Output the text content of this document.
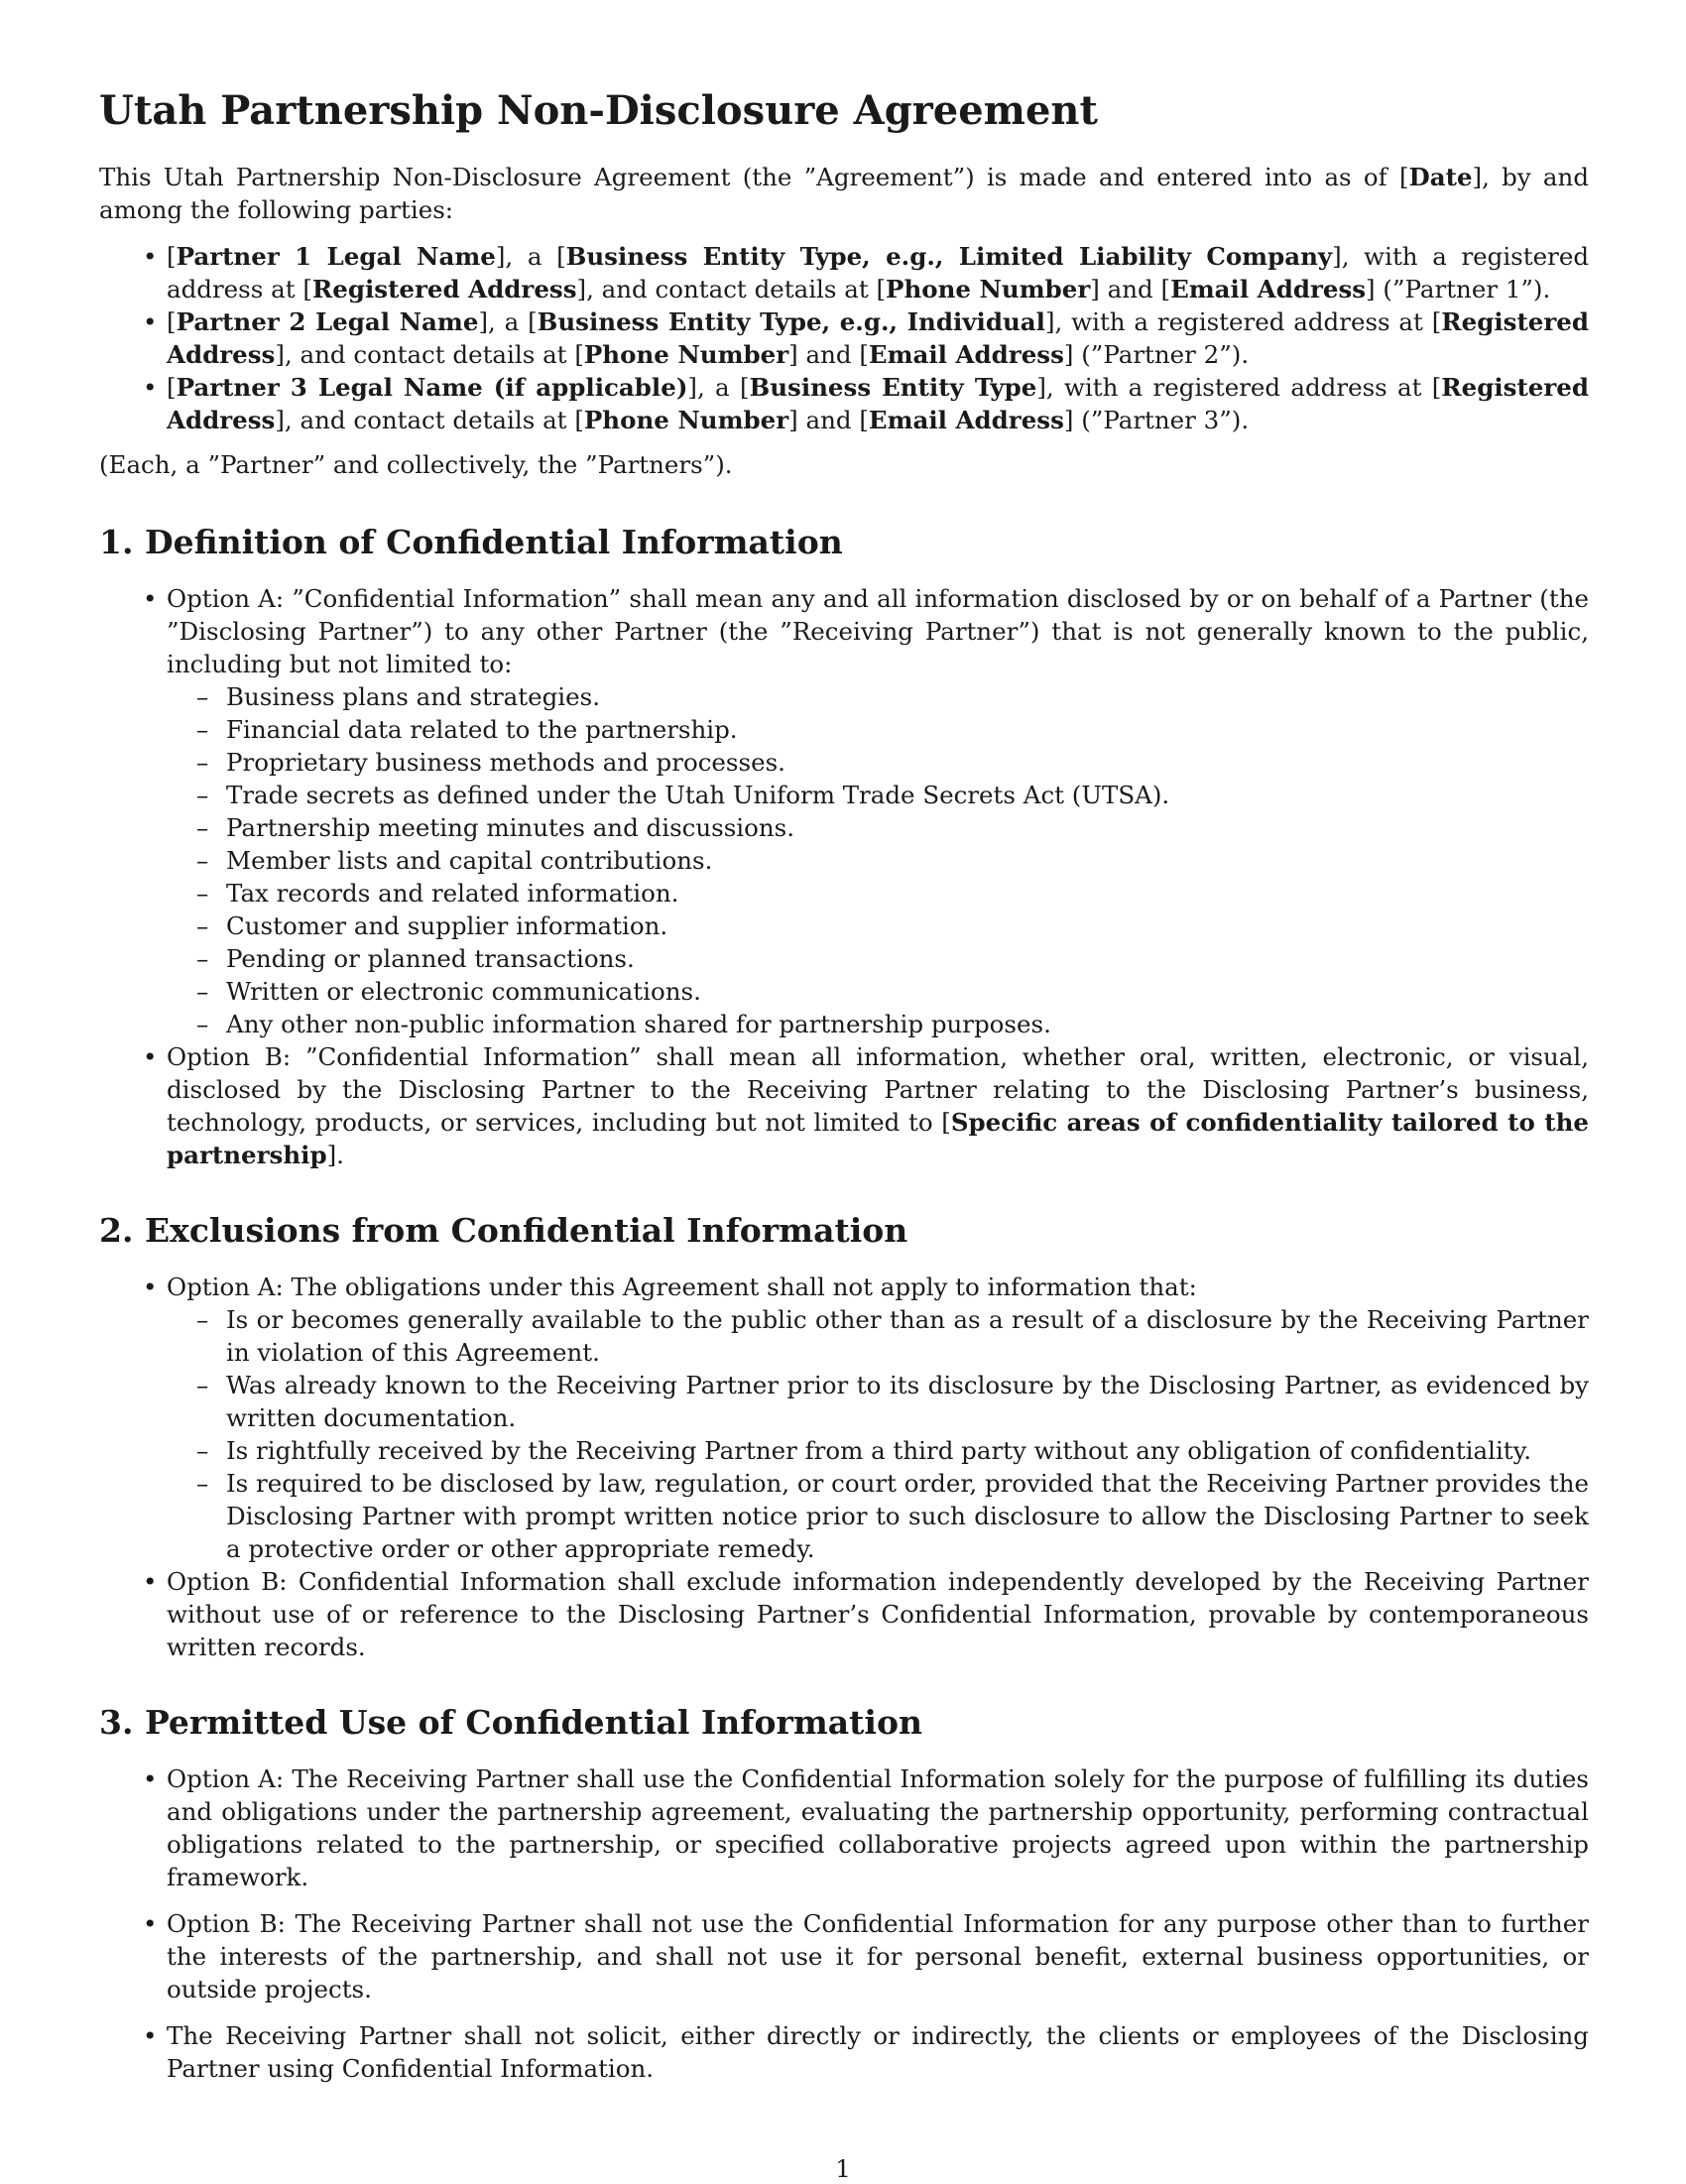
Utah Partnership Non-Disclosure Agreement

This Utah Partnership Non-Disclosure Agreement (the ”Agreement”) is made and entered into as of [Date], by and among the following parties:

• [Partner 1 Legal Name], a [Business Entity Type, e.g., Limited Liability Company], with a registered address at [Registered Address], and contact details at [Phone Number] and [Email Address] (”Partner 1”).
• [Partner 2 Legal Name], a [Business Entity Type, e.g., Individual], with a registered address at [Registered Address], and contact details at [Phone Number] and [Email Address] (”Partner 2”).
• [Partner 3 Legal Name (if applicable)], a [Business Entity Type], with a registered address at [Registered Address], and contact details at [Phone Number] and [Email Address] (”Partner 3”).

(Each, a ”Partner” and collectively, the ”Partners”).

1. Definition of Confidential Information
• Option A: ”Confidential Information” shall mean any and all information disclosed by or on behalf of a Partner (the ”Disclosing Partner”) to any other Partner (the ”Receiving Partner”) that is not generally known to the public, including but not limited to:
– Business plans and strategies.
– Financial data related to the partnership.
– Proprietary business methods and processes.
– Trade secrets as defined under the Utah Uniform Trade Secrets Act (UTSA).
– Partnership meeting minutes and discussions.
– Member lists and capital contributions.
– Tax records and related information.
– Customer and supplier information.
– Pending or planned transactions.
– Written or electronic communications.
– Any other non-public information shared for partnership purposes.
• Option B: ”Confidential Information” shall mean all information, whether oral, written, electronic, or visual, disclosed by the Disclosing Partner to the Receiving Partner relating to the Disclosing Partner’s business, technology, products, or services, including but not limited to [Specific areas of confidentiality tailored to the partnership].
2. Exclusions from Confidential Information
• Option A: The obligations under this Agreement shall not apply to information that:
– Is or becomes generally available to the public other than as a result of a disclosure by the Receiving Partner in violation of this Agreement.
– Was already known to the Receiving Partner prior to its disclosure by the Disclosing Partner, as evidenced by written documentation.
– Is rightfully received by the Receiving Partner from a third party without any obligation of confidentiality.
– Is required to be disclosed by law, regulation, or court order, provided that the Receiving Partner provides the Disclosing Partner with prompt written notice prior to such disclosure to allow the Disclosing Partner to seek a protective order or other appropriate remedy.
• Option B: Confidential Information shall exclude information independently developed by the Receiving Partner without use of or reference to the Disclosing Partner’s Confidential Information, provable by contemporaneous written records.
3. Permitted Use of Confidential Information
• Option A: The Receiving Partner shall use the Confidential Information solely for the purpose of fulfilling its duties and obligations under the partnership agreement, evaluating the partnership opportunity, performing contractual obligations related to the partnership, or specified collaborative projects agreed upon within the partnership framework.
• Option B: The Receiving Partner shall not use the Confidential Information for any purpose other than to further the interests of the partnership, and shall not use it for personal benefit, external business opportunities, or outside projects.
• The Receiving Partner shall not solicit, either directly or indirectly, the clients or employees of the Disclosing Partner using Confidential Information.
1
